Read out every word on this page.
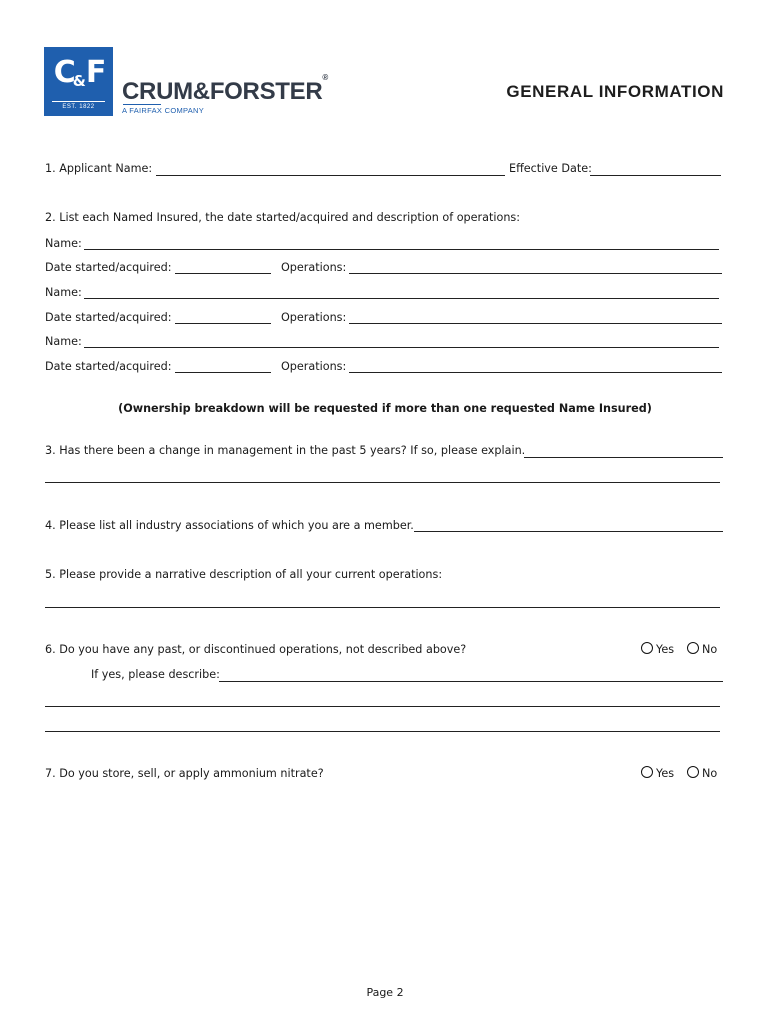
C&F
EST. 1822
CRUM&FORSTER®
A FAIRFAX COMPANY
GENERAL INFORMATION
1. Applicant Name:	Effective Date:
2. List each Named Insured, the date started/acquired and description of operations:
Name:
Date started/acquired:	Operations:
Name:
Date started/acquired:	Operations:
Name:
Date started/acquired:	Operations:
(Ownership breakdown will be requested if more than one requested Name Insured)
3. Has there been a change in management in the past 5 years? If so, please explain.
4. Please list all industry associations of which you are a member.
5. Please provide a narrative description of all your current operations:
6. Do you have any past, or discontinued operations, not described above?	Yes	No
If yes, please describe:
7. Do you store, sell, or apply ammonium nitrate?	Yes	No
Page 2
